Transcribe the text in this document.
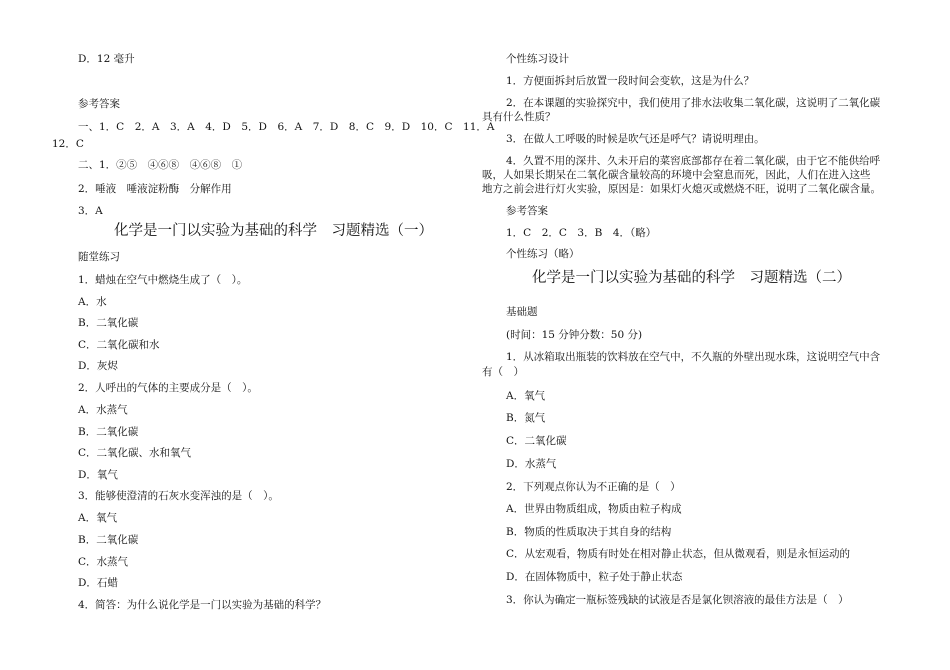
D．12 毫升
参考答案
一、1．C　2．A　3．A　4．D　5．D　6．A　7．D　8．C　9．D　10．C　11．A
12．C
二、1．②⑤　④⑥⑧　④⑥⑧　①
2．唾液　唾液淀粉酶　分解作用
3．A
化学是一门以实验为基础的科学　习题精选（一）
随堂练习
1．蜡烛在空气中燃烧生成了（　）。
A．水
B．二氧化碳
C．二氧化碳和水
D．灰烬
2．人呼出的气体的主要成分是（　）。
A．水蒸气
B．二氧化碳
C．二氧化碳、水和氧气
D．氧气
3．能够使澄清的石灰水变浑浊的是（　）。
A．氧气
B．二氧化碳
C．水蒸气
D．石蜡
4．简答：为什么说化学是一门以实验为基础的科学？
个性练习设计
1．方便面拆封后放置一段时间会变软，这是为什么？
2．在本课题的实验探究中，我们使用了排水法收集二氧化碳，这说明了二氧化碳
具有什么性质？
3．在做人工呼吸的时候是吹气还是呼气？请说明理由。
4．久置不用的深井、久未开启的菜窖底部都存在着二氧化碳，由于它不能供给呼
吸，人如果长期呆在二氧化碳含量较高的环境中会窒息而死，因此，人们在进入这些
地方之前会进行灯火实验，原因是：如果灯火熄灭或燃烧不旺，说明了二氧化碳含量。
参考答案
1．C　2．C　3．B　4．（略）
个性练习（略）
化学是一门以实验为基础的科学　习题精选（二）
基础题
(时间：15 分钟分数：50 分)
1．从冰箱取出瓶装的饮料放在空气中，不久瓶的外壁出现水珠，这说明空气中含
有（　）
A．氧气
B．氮气
C．二氧化碳
D．水蒸气
2．下列观点你认为不正确的是（　）
A．世界由物质组成，物质由粒子构成
B．物质的性质取决于其自身的结构
C．从宏观看，物质有时处在相对静止状态，但从微观看，则是永恒运动的
D．在固体物质中，粒子处于静止状态
3．你认为确定一瓶标签残缺的试液是否是氯化钡溶液的最佳方法是（　）
